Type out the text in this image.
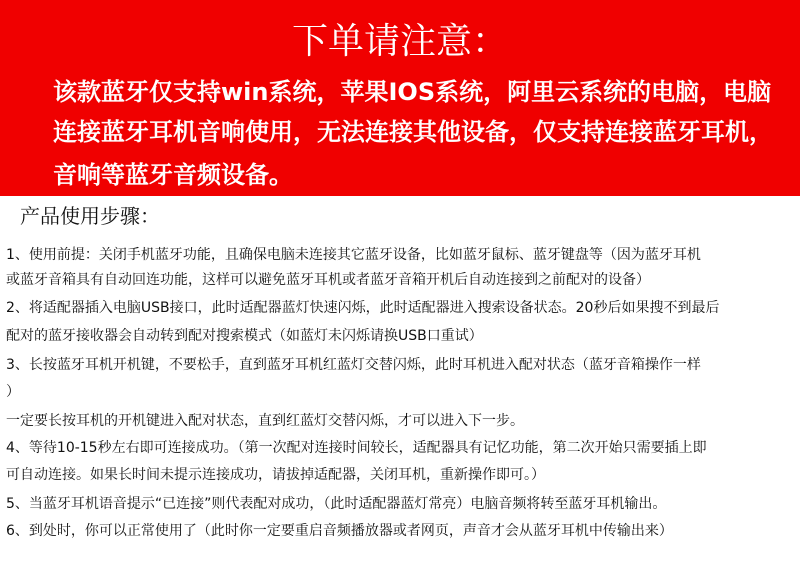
下单请注意：
该款蓝牙仅支持win系统，苹果IOS系统，阿里云系统的电脑，电脑
连接蓝牙耳机音响使用，无法连接其他设备，仅支持连接蓝牙耳机，
音响等蓝牙音频设备。
产品使用步骤：
1、使用前提：关闭手机蓝牙功能，且确保电脑未连接其它蓝牙设备，比如蓝牙鼠标、蓝牙键盘等（因为蓝牙耳机
或蓝牙音箱具有自动回连功能，这样可以避免蓝牙耳机或者蓝牙音箱开机后自动连接到之前配对的设备）
2、将适配器插入电脑USB接口，此时适配器蓝灯快速闪烁，此时适配器进入搜索设备状态。20秒后如果搜不到最后
配对的蓝牙接收器会自动转到配对搜索模式（如蓝灯未闪烁请换USB口重试）
3、长按蓝牙耳机开机键，不要松手，直到蓝牙耳机红蓝灯交替闪烁，此时耳机进入配对状态（蓝牙音箱操作一样
）
一定要长按耳机的开机键进入配对状态，直到红蓝灯交替闪烁，才可以进入下一步。
4、等待10-15秒左右即可连接成功。（第一次配对连接时间较长，适配器具有记忆功能，第二次开始只需要插上即
可自动连接。如果长时间未提示连接成功，请拔掉适配器，关闭耳机，重新操作即可。）
5、当蓝牙耳机语音提示“已连接”则代表配对成功，（此时适配器蓝灯常亮）电脑音频将转至蓝牙耳机输出。
6、到处时，你可以正常使用了（此时你一定要重启音频播放器或者网页，声音才会从蓝牙耳机中传输出来）
